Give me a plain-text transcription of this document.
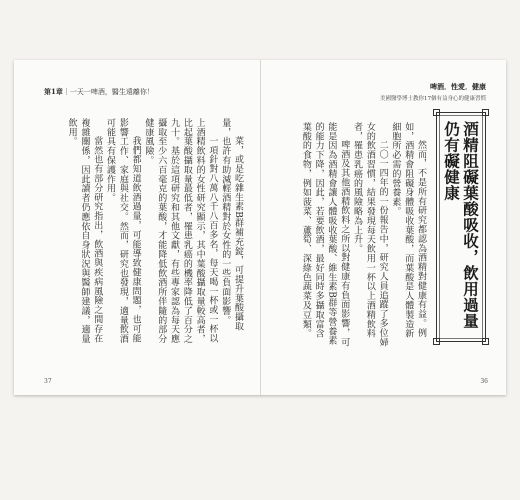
第1章｜一天一啤酒，醫生遠離你！

菜，或是吃雜生素B群補充錠，可提升葉酸攝取量，也許有助減輕酒精對於女性的一些負面影響。

一項針對八萬八千八百多名，每天喝一杯或一杯以上酒精飲料的女性研究顯示，其中葉酸攝取量較高者，比起葉酸攝取量最低者，罹患乳癌的機率降低了百分之九十。基於這項研究和其他文獻，有些專家認為每天應攝取至少六百毫克的葉酸，才能降低飲酒所伴隨的部分健康風險。

我們都知道飲酒過量，可能導致健康問題，也可能影響工作、家庭與社交。然而，研究也發現，適量飲酒可能具有保護作用。

當然也有部分研究指出，飲酒與疾病風險之間存在複雜關係，因此讀者仍應依自身狀況與醫師建議，適量飲用。

37
啤酒．性愛．健康
美國醫學博士教你17個有益身心的健康習慣

然而，不是所有研究都認為酒精對健康有益。例如，酒精會阻礙身體吸收葉酸，而葉酸是人體製造新細胞所必需的營養素。

二〇一四年的一份報告中，研究人員追蹤了多位婦女的飲酒習慣，結果發現每天飲用一杯以上酒精飲料者，罹患乳癌的風險略為上升。

啤酒及其他酒精飲料之所以對健康有負面影響，可能是因為酒精會讓人體吸收葉酸、維生素B群等營養素的能力下降，因此，若要飲酒，最好同時多攝取富含葉酸的食物，例如菠菜、蘆筍、深綠色蔬菜及豆類。	酒精阻礙葉酸吸收，飲用過量仍有礙健康
36
